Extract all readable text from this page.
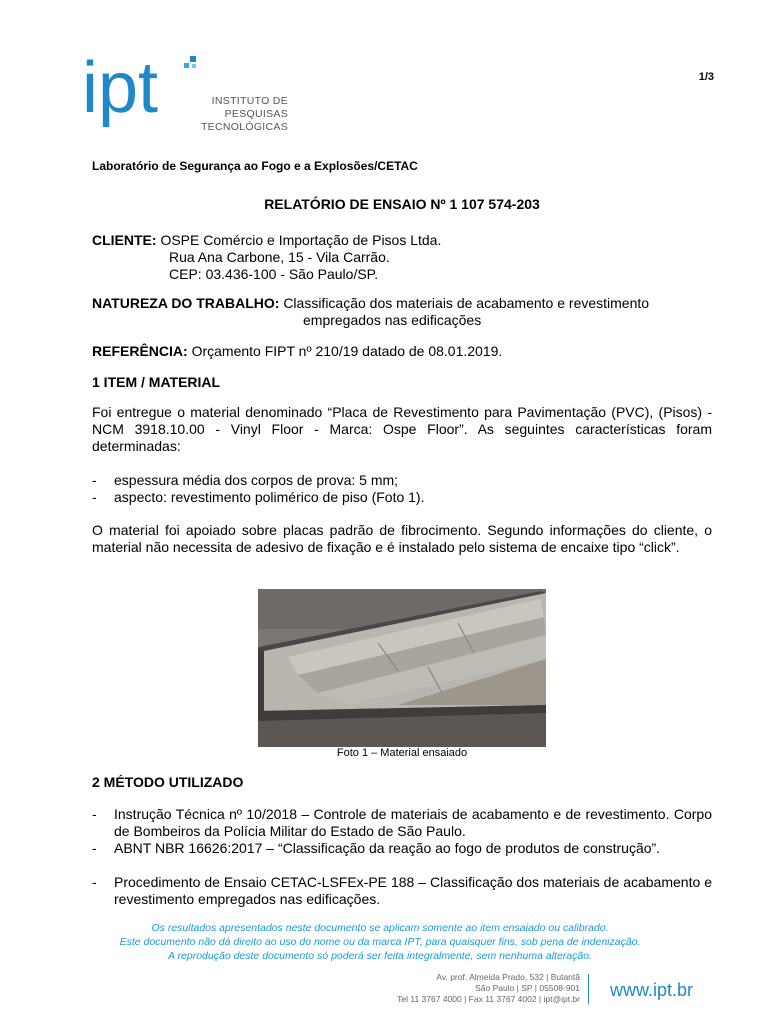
ipt	INSTITUTO DE
PESQUISAS
TECNOLÓGICAS
1/3
Laboratório de Segurança ao Fogo e a Explosões/CETAC
RELATÓRIO DE ENSAIO Nº 1 107 574-203
CLIENTE: OSPE Comércio e Importação de Pisos Ltda.
Rua Ana Carbone, 15 - Vila Carrão.
CEP: 03.436-100 - São Paulo/SP.
NATUREZA DO TRABALHO: Classificação dos materiais de acabamento e revestimento
empregados nas edificações
REFERÊNCIA: Orçamento FIPT nº 210/19 datado de 08.01.2019.
1 ITEM / MATERIAL
Foi entregue o material denominado “Placa de Revestimento para Pavimentação (PVC), (Pisos) - NCM 3918.10.00 - Vinyl Floor - Marca: Ospe Floor”. As seguintes características foram determinadas:
- espessura média dos corpos de prova: 5 mm;
- aspecto: revestimento polimérico de piso (Foto 1).
O material foi apoiado sobre placas padrão de fibrocimento. Segundo informações do cliente, o material não necessita de adesivo de fixação e é instalado pelo sistema de encaixe tipo “click”.
Foto 1 – Material ensaiado
2 MÉTODO UTILIZADO
- Instrução Técnica nº 10/2018 – Controle de materiais de acabamento e de revestimento. Corpo de Bombeiros da Polícia Militar do Estado de São Paulo.
- ABNT NBR 16626:2017 – “Classificação da reação ao fogo de produtos de construção”.
- Procedimento de Ensaio CETAC-LSFEx-PE 188 – Classificação dos materiais de acabamento e revestimento empregados nas edificações.
Os resultados apresentados neste documento se aplicam somente ao item ensaiado ou calibrado.
Este documento não dá direito ao uso do nome ou da marca IPT, para quaisquer fins, sob pena de indenização.
A reprodução deste documento só poderá ser feita integralmente, sem nenhuma alteração.
Av. prof. Almeida Prado, 532 | Butantã
São Paulo | SP | 05508-901
Tel 11 3767 4000 | Fax 11 3767 4002 | ipt@ipt.br www.ipt.br
